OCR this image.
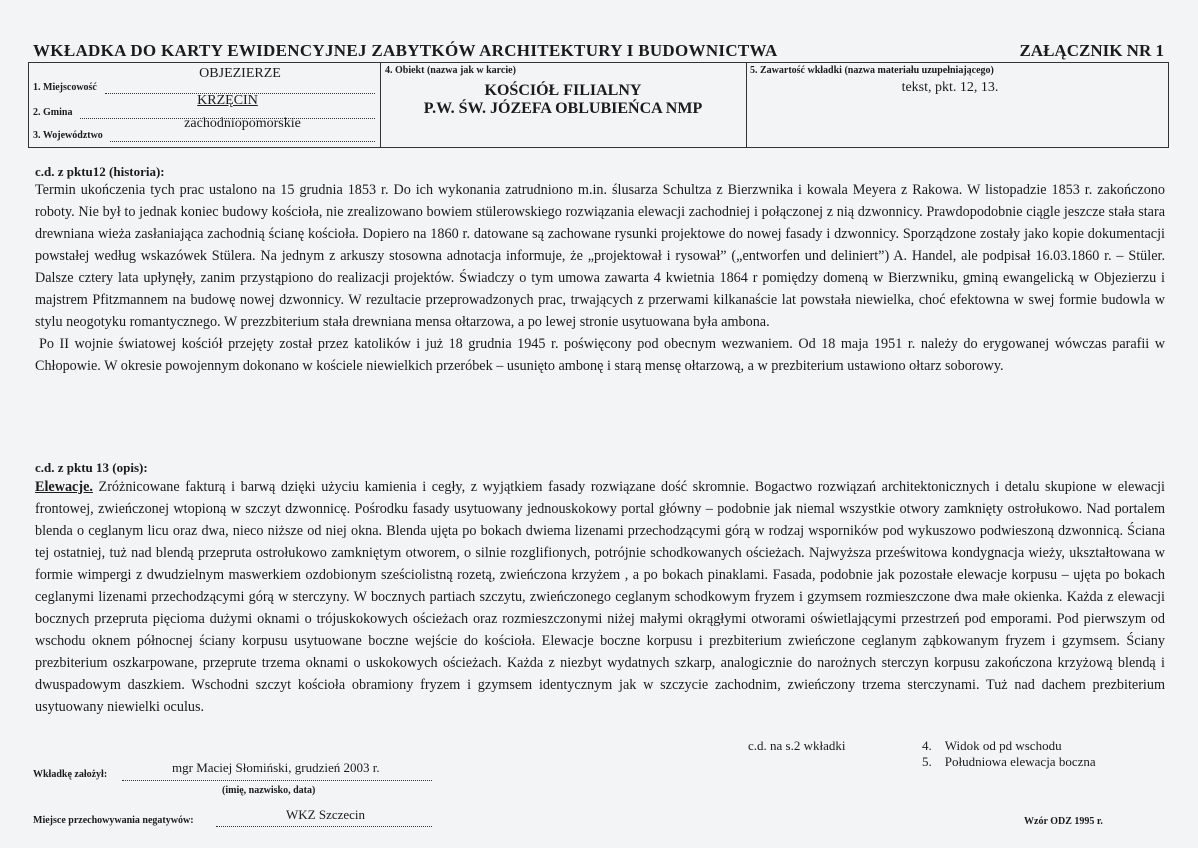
WKŁADKA DO KARTY EWIDENCYJNEJ ZABYTKÓW ARCHITEKTURY I BUDOWNICTWA	ZAŁĄCZNIK NR 1
1. Miejscowość
OBJEZIERZE
2. Gmina
KRZĘCIN
3. Województwo
zachodniopomorskie
4. Obiekt (nazwa jak w karcie)
KOŚCIÓŁ FILIALNY
P.W. ŚW. JÓZEFA OBLUBIEŃCA NMP
5. Zawartość wkładki (nazwa materiału uzupełniającego)
tekst, pkt. 12, 13.
c.d. z pktu12 (historia):

Termin ukończenia tych prac ustalono na 15 grudnia 1853 r. Do ich wykonania zatrudniono m.in. ślusarza Schultza z Bierzwnika i kowala Meyera z Rakowa. W listopadzie 1853 r. zakończono roboty. Nie był to jednak koniec budowy kościoła, nie zrealizowano bowiem stülerowskiego rozwiązania elewacji zachodniej i połączonej z nią dzwonnicy. Prawdopodobnie ciągle jeszcze stała stara drewniana wieża zasłaniająca zachodnią ścianę kościoła. Dopiero na 1860 r. datowane są zachowane rysunki projektowe do nowej fasady i dzwonnicy. Sporządzone zostały jako kopie dokumentacji powstałej według wskazówek Stülera. Na jednym z arkuszy stosowna adnotacja informuje, że „projektował i rysował” („entworfen und deliniert”) A. Handel, ale podpisał 16.03.1860 r. – Stüler. Dalsze cztery lata upłynęły, zanim przystąpiono do realizacji projektów. Świadczy o tym umowa zawarta 4 kwietnia 1864 r pomiędzy domeną w Bierzwniku, gminą ewangelicką w Objezierzu i majstrem Pfitzmannem na budowę nowej dzwonnicy. W rezultacie przeprowadzonych prac, trwających z przerwami kilkanaście lat powstała niewielka, choć efektowna w swej formie budowla w stylu neogotyku romantycznego. W prezzbiterium stała drewniana mensa ołtarzowa, a po lewej stronie usytuowana była ambona.

Po II wojnie światowej kościół przejęty został przez katolików i już 18 grudnia 1945 r. poświęcony pod obecnym wezwaniem. Od 18 maja 1951 r. należy do erygowanej wówczas parafii w Chłopowie. W okresie powojennym dokonano w kościele niewielkich przeróbek – usunięto ambonę i starą mensę ołtarzową, a w prezbiterium ustawiono ołtarz soborowy.

c.d. z pktu 13 (opis):

Elewacje. Zróżnicowane fakturą i barwą dzięki użyciu kamienia i cegły, z wyjątkiem fasady rozwiązane dość skromnie. Bogactwo rozwiązań architektonicznych i detalu skupione w elewacji frontowej, zwieńczonej wtopioną w szczyt dzwonnicę. Pośrodku fasady usytuowany jednouskokowy portal główny – podobnie jak niemal wszystkie otwory zamknięty ostrołukowo. Nad portalem blenda o ceglanym licu oraz dwa, nieco niższe od niej okna. Blenda ujęta po bokach dwiema lizenami przechodzącymi górą w rodzaj wsporników pod wykuszowo podwieszoną dzwonnicą. Ściana tej ostatniej, tuż nad blendą przepruta ostrołukowo zamkniętym otworem, o silnie rozglifionych, potrójnie schodkowanych ościeżach. Najwyższa prześwitowa kondygnacja wieży, ukształtowana w formie wimpergi z dwudzielnym maswerkiem ozdobionym sześciolistną rozetą, zwieńczona krzyżem , a po bokach pinaklami. Fasada, podobnie jak pozostałe elewacje korpusu – ujęta po bokach ceglanymi lizenami przechodzącymi górą w sterczyny. W bocznych partiach szczytu, zwieńczonego ceglanym schodkowym fryzem i gzymsem rozmieszczone dwa małe okienka. Każda z elewacji bocznych przepruta pięcioma dużymi oknami o trójuskokowych ościeżach oraz rozmieszczonymi niżej małymi okrągłymi otworami oświetlającymi przestrzeń pod emporami. Pod pierwszym od wschodu oknem północnej ściany korpusu usytuowane boczne wejście do kościoła. Elewacje boczne korpusu i prezbiterium zwieńczone ceglanym ząbkowanym fryzem i gzymsem. Ściany prezbiterium oszkarpowane, przeprute trzema oknami o uskokowych ościeżach. Każda z niezbyt wydatnych szkarp, analogicznie do narożnych sterczyn korpusu zakończona krzyżową blendą i dwuspadowym daszkiem. Wschodni szczyt kościoła obramiony fryzem i gzymsem identycznym jak w szczycie zachodnim, zwieńczony trzema sterczynami. Tuż nad dachem prezbiterium usytuowany niewielki oculus.

c.d. na s.2 wkładki	4. Widok od pd wschodu
5. Południowa elewacja boczna
Wkładkę założył:	mgr Maciej Słomiński, grudzień 2003 r.
(imię, nazwisko, data)
Miejsce przechowywania negatywów:	WKZ Szczecin	Wzór ODZ 1995 r.
